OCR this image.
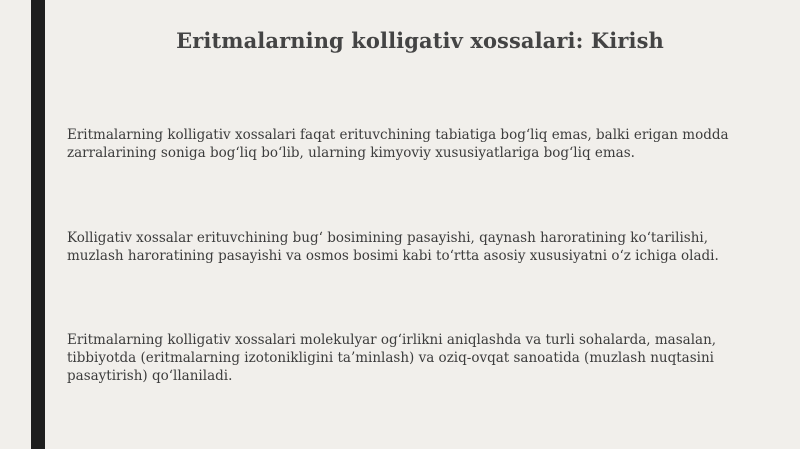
Eritmalarning kolligativ xossalari: Kirish

Eritmalarning kolligativ xossalari faqat erituvchining tabiatiga bog‘liq emas, balki erigan modda zarralarining soniga bog‘liq bo‘lib, ularning kimyoviy xususiyatlariga bog‘liq emas.

Kolligativ xossalar erituvchining bug‘ bosimining pasayishi, qaynash haroratining ko‘tarilishi, muzlash haroratining pasayishi va osmos bosimi kabi to‘rtta asosiy xususiyatni o‘z ichiga oladi.

Eritmalarning kolligativ xossalari molekulyar og‘irlikni aniqlashda va turli sohalarda, masalan, tibbiyotda (eritmalarning izotonikligini ta’minlash) va oziq-ovqat sanoatida (muzlash nuqtasini pasaytirish) qo‘llaniladi.
